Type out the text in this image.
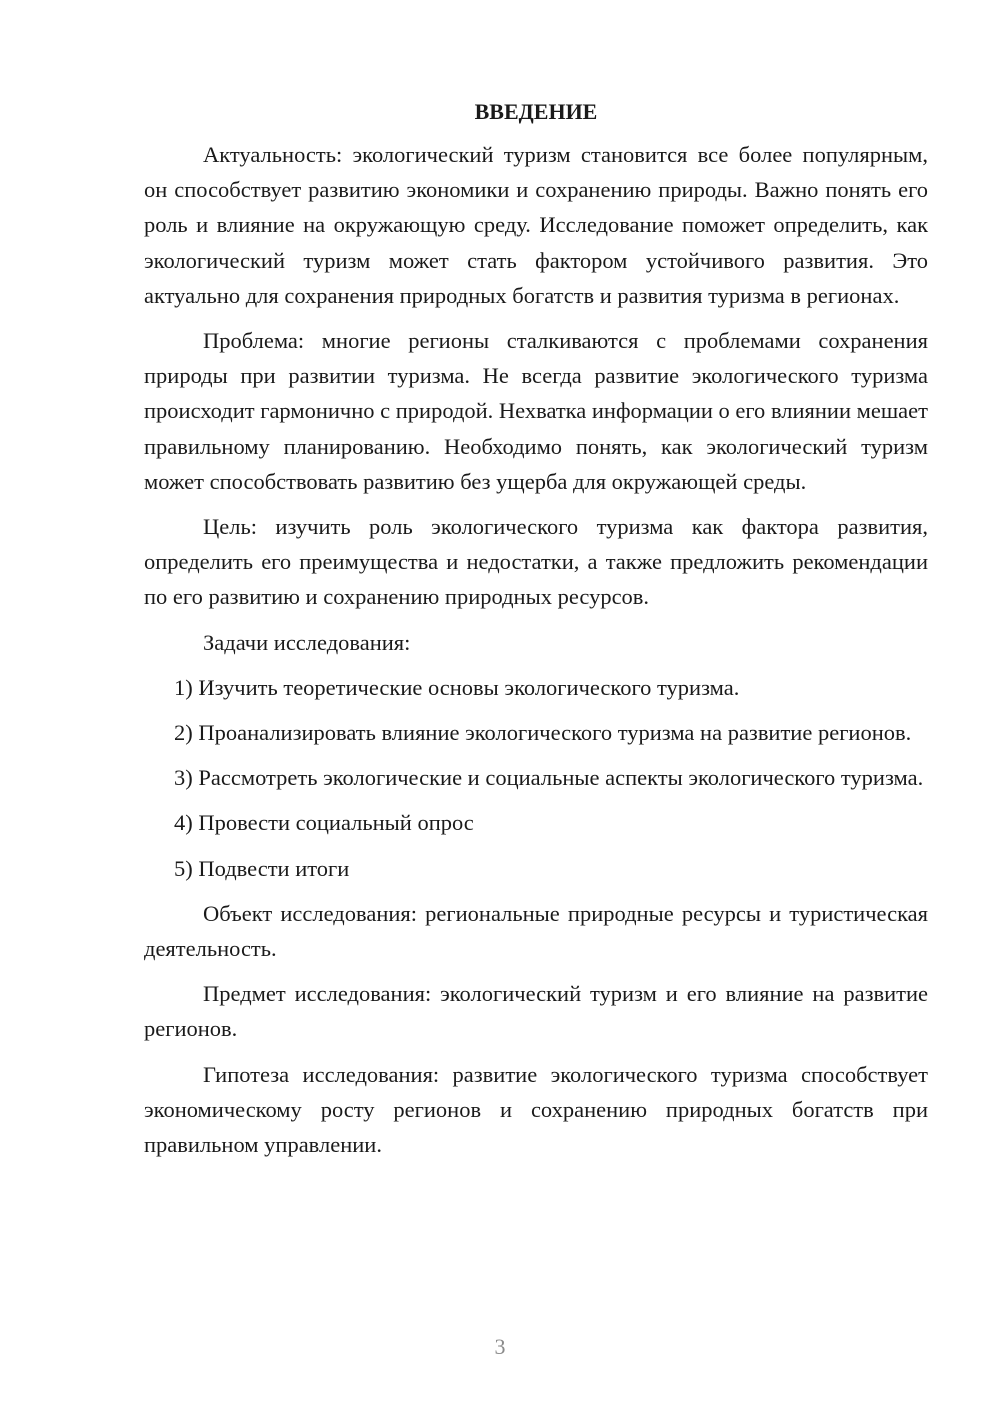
ВВЕДЕНИЕ

Актуальность: экологический туризм становится все более популярным, он способствует развитию экономики и сохранению природы. Важно понять его роль и влияние на окружающую среду. Исследование поможет определить, как экологический туризм может стать фактором устойчивого развития. Это актуально для сохранения природных богатств и развития туризма в регионах.

Проблема: многие регионы сталкиваются с проблемами сохранения природы при развитии туризма. Не всегда развитие экологического туризма происходит гармонично с природой. Нехватка информации о его влиянии мешает правильному планированию. Необходимо понять, как экологический туризм может способствовать развитию без ущерба для окружающей среды.

Цель: изучить роль экологического туризма как фактора развития, определить его преимущества и недостатки, а также предложить рекомендации по его развитию и сохранению природных ресурсов.

Задачи исследования:

1) Изучить теоретические основы экологического туризма.

2) Проанализировать влияние экологического туризма на развитие регионов.

3) Рассмотреть экологические и социальные аспекты экологического туризма.

4) Провести социальный опрос

5) Подвести итоги

Объект исследования: региональные природные ресурсы и туристическая деятельность.

Предмет исследования: экологический туризм и его влияние на развитие регионов.

Гипотеза исследования: развитие экологического туризма способствует экономическому росту регионов и сохранению природных богатств при правильном управлении.

3
